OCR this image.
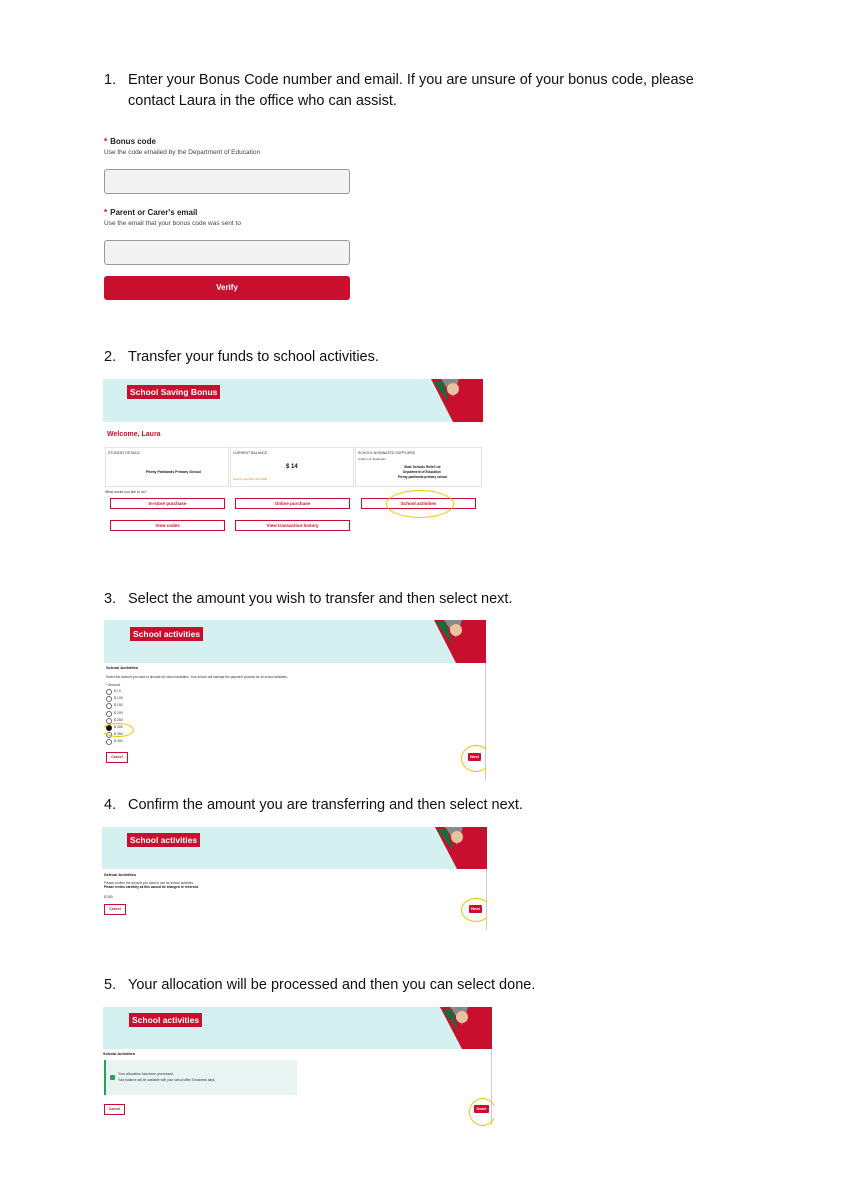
1. Enter your Bonus Code number and email. If you are unsure of your bonus code, please
contact Laura in the office who can assist.
* Bonus code
Use the code emailed by the Department of Education
* Parent or Carer's email
Use the email that your bonus code was sent to
Verify
2. Transfer your funds to school activities.
School Saving Bonus
Welcome, Laura
STUDENT DETAILS
Plenty Parklands Primary School
CURRENT BALANCE
$ 14
Spend your $14 until 30th
SCHOOL NOMINATED SUPPLIERS
Uniform & Textbooks
State Schools Relief Ltd
Department of Education
Plenty parklands primary school
What would you like to do?
In-store purchase	Online purchase	School activities
View codes	View transaction history
3. Select the amount you wish to transfer and then select next.
School activities
School Activities
Select the amount you want to allocate for school activities. Your school will manage the payment process for all school activities.
* Amount
$ 10
$ 100
$ 150
$ 200
$ 250
$ 300
$ 350
$ 400
Cancel	Next
4. Confirm the amount you are transferring and then select next.
School activities
School Activities
Please confirm the amount you want to use for school activities.
Please review carefully as this cannot be changed or reversed.
$ 300
Cancel	Next
5. Your allocation will be processed and then you can select done.
School activities
School Activities
Your allocation has been processed
Your balance will be available with your school after 3 business days.
Cancel	Done
